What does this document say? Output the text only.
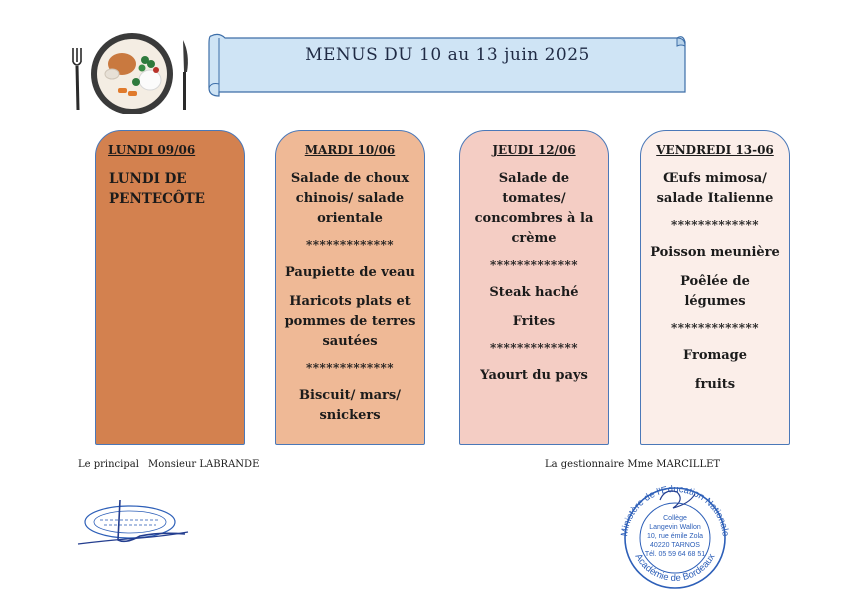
MENUS DU 10 au 13 juin 2025
LUNDI 09/06
LUNDI DE PENTECÔTE
MARDI 10/06
Salade de choux chinois/ salade orientale
*************
Paupiette de veau
Haricots plats et pommes de terres sautées
*************
Biscuit/ mars/ snickers
JEUDI 12/06
Salade de tomates/ concombres à la crème
*************
Steak haché
Frites
*************
Yaourt du pays
VENDREDI 13-06
Œufs mimosa/ salade Italienne
*************
Poisson meunière
Poêlée de légumes
*************
Fromage
fruits
Le principal Monsieur LABRANDE	La gestionnaire Mme MARCILLET
Ministère de l'Education Nationale
Académie de Bordeaux
Collège
Langevin Wallon
10, rue émile Zola
40220 TARNOS
Tél. 05 59 64 68 51
